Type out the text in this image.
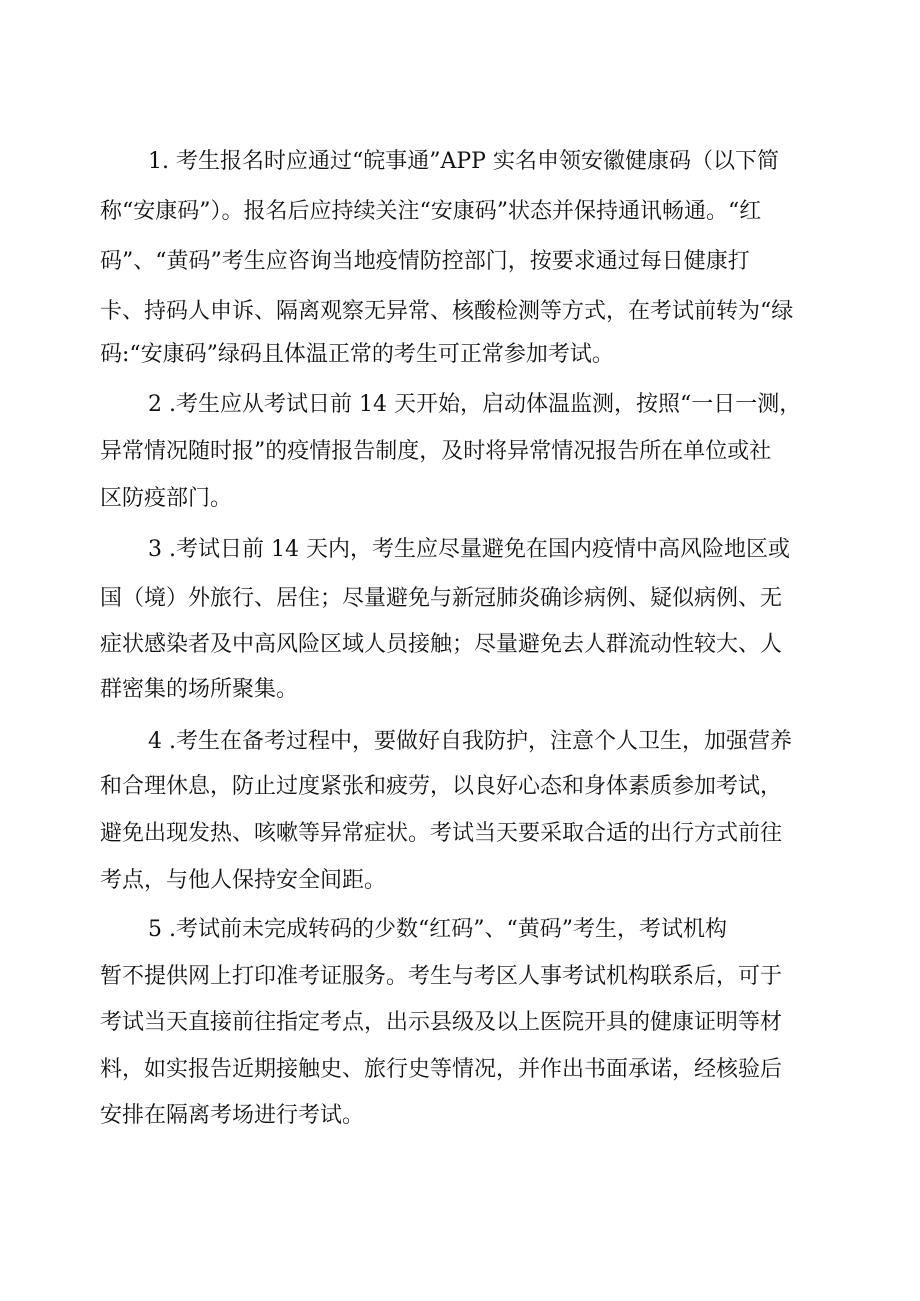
1. 考生报名时应通过“皖事通”APP 实名申领安徽健康码（以下简
称“安康码”）。报名后应持续关注“安康码”状态并保持通讯畅通。“红
码”、“黄码”考生应咨询当地疫情防控部门，按要求通过每日健康打
卡、持码人申诉、隔离观察无异常、核酸检测等方式，在考试前转为“绿
码:“安康码”绿码且体温正常的考生可正常参加考试。
2 .考生应从考试日前 14 天开始，启动体温监测，按照“一日一测，
异常情况随时报”的疫情报告制度，及时将异常情况报告所在单位或社
区防疫部门。
3 .考试日前 14 天内，考生应尽量避免在国内疫情中高风险地区或
国（境）外旅行、居住；尽量避免与新冠肺炎确诊病例、疑似病例、无
症状感染者及中高风险区域人员接触；尽量避免去人群流动性较大、人
群密集的场所聚集。
4 .考生在备考过程中，要做好自我防护，注意个人卫生，加强营养
和合理休息，防止过度紧张和疲劳，以良好心态和身体素质参加考试，
避免出现发热、咳嗽等异常症状。考试当天要采取合适的出行方式前往
考点，与他人保持安全间距。
5 .考试前未完成转码的少数“红码”、“黄码”考生，考试机构
暂不提供网上打印准考证服务。考生与考区人事考试机构联系后，可于
考试当天直接前往指定考点，出示县级及以上医院开具的健康证明等材
料，如实报告近期接触史、旅行史等情况，并作出书面承诺，经核验后
安排在隔离考场进行考试。
